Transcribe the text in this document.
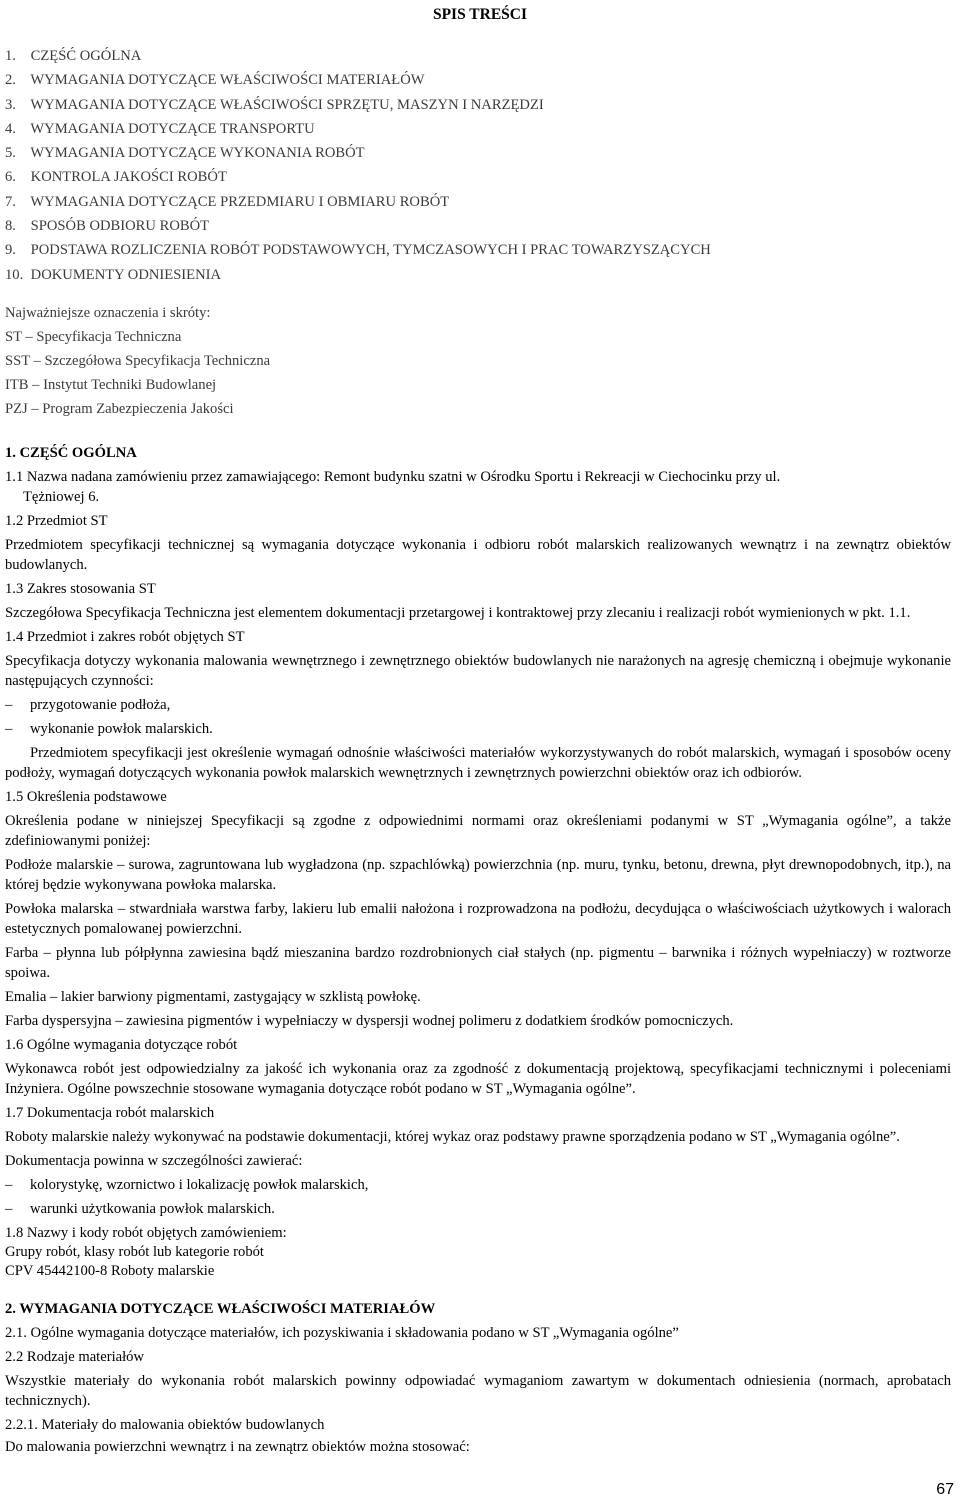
SPIS TREŚCI
1. CZĘŚĆ OGÓLNA
2. WYMAGANIA DOTYCZĄCE WŁAŚCIWOŚCI MATERIAŁÓW
3. WYMAGANIA DOTYCZĄCE WŁAŚCIWOŚCI SPRZĘTU, MASZYN I NARZĘDZI
4. WYMAGANIA DOTYCZĄCE TRANSPORTU
5. WYMAGANIA DOTYCZĄCE WYKONANIA ROBÓT
6. KONTROLA JAKOŚCI ROBÓT
7. WYMAGANIA DOTYCZĄCE PRZEDMIARU I OBMIARU ROBÓT
8. SPOSÓB ODBIORU ROBÓT
9. PODSTAWA ROZLICZENIA ROBÓT PODSTAWOWYCH, TYMCZASOWYCH I PRAC TOWARZYSZĄCYCH
10. DOKUMENTY ODNIESIENIA
Najważniejsze oznaczenia i skróty:
ST – Specyfikacja Techniczna
SST – Szczegółowa Specyfikacja Techniczna
ITB – Instytut Techniki Budowlanej
PZJ – Program Zabezpieczenia Jakości
1. CZĘŚĆ OGÓLNA
1.1 Nazwa nadana zamówieniu przez zamawiającego: Remont budynku szatni w Ośrodku Sportu i Rekreacji w Ciechocinku przy ul.
Tężniowej 6.
1.2 Przedmiot ST
Przedmiotem specyfikacji technicznej są wymagania dotyczące wykonania i odbioru robót malarskich realizowanych wewnątrz i na zewnątrz obiektów budowlanych.
1.3 Zakres stosowania ST
Szczegółowa Specyfikacja Techniczna jest elementem dokumentacji przetargowej i kontraktowej przy zlecaniu i realizacji robót wymienionych w pkt. 1.1.
1.4 Przedmiot i zakres robót objętych ST
Specyfikacja dotyczy wykonania malowania wewnętrznego i zewnętrznego obiektów budowlanych nie narażonych na agresję chemiczną i obejmuje wykonanie następujących czynności:
– przygotowanie podłoża,
– wykonanie powłok malarskich.
Przedmiotem specyfikacji jest określenie wymagań odnośnie właściwości materiałów wykorzystywanych do robót malarskich, wymagań i sposobów oceny podłoży, wymagań dotyczących wykonania powłok malarskich wewnętrznych i zewnętrznych powierzchni obiektów oraz ich odbiorów.
1.5 Określenia podstawowe
Określenia podane w niniejszej Specyfikacji są zgodne z odpowiednimi normami oraz określeniami podanymi w ST „Wymagania ogólne”, a także zdefiniowanymi poniżej:
Podłoże malarskie – surowa, zagruntowana lub wygładzona (np. szpachlówką) powierzchnia (np. muru, tynku, betonu, drewna, płyt drewnopodobnych, itp.), na której będzie wykonywana powłoka malarska.
Powłoka malarska – stwardniała warstwa farby, lakieru lub emalii nałożona i rozprowadzona na podłożu, decydująca o właściwościach użytkowych i walorach estetycznych pomalowanej powierzchni.
Farba – płynna lub półpłynna zawiesina bądź mieszanina bardzo rozdrobnionych ciał stałych (np. pigmentu – barwnika i różnych wypełniaczy) w roztworze spoiwa.
Emalia – lakier barwiony pigmentami, zastygający w szklistą powłokę.
Farba dyspersyjna – zawiesina pigmentów i wypełniaczy w dyspersji wodnej polimeru z dodatkiem środków pomocniczych.
1.6 Ogólne wymagania dotyczące robót
Wykonawca robót jest odpowiedzialny za jakość ich wykonania oraz za zgodność z dokumentacją projektową, specyfikacjami technicznymi i poleceniami Inżyniera. Ogólne powszechnie stosowane wymagania dotyczące robót podano w ST „Wymagania ogólne”.
1.7 Dokumentacja robót malarskich
Roboty malarskie należy wykonywać na podstawie dokumentacji, której wykaz oraz podstawy prawne sporządzenia podano w ST „Wymagania ogólne”.
Dokumentacja powinna w szczególności zawierać:
– kolorystykę, wzornictwo i lokalizację powłok malarskich,
– warunki użytkowania powłok malarskich.
1.8 Nazwy i kody robót objętych zamówieniem:
Grupy robót, klasy robót lub kategorie robót
CPV 45442100-8 Roboty malarskie
2. WYMAGANIA DOTYCZĄCE WŁAŚCIWOŚCI MATERIAŁÓW
2.1. Ogólne wymagania dotyczące materiałów, ich pozyskiwania i składowania podano w ST „Wymagania ogólne”
2.2 Rodzaje materiałów
Wszystkie materiały do wykonania robót malarskich powinny odpowiadać wymaganiom zawartym w dokumentach odniesienia (normach, aprobatach technicznych).
2.2.1. Materiały do malowania obiektów budowlanych
Do malowania powierzchni wewnątrz i na zewnątrz obiektów można stosować:
67
